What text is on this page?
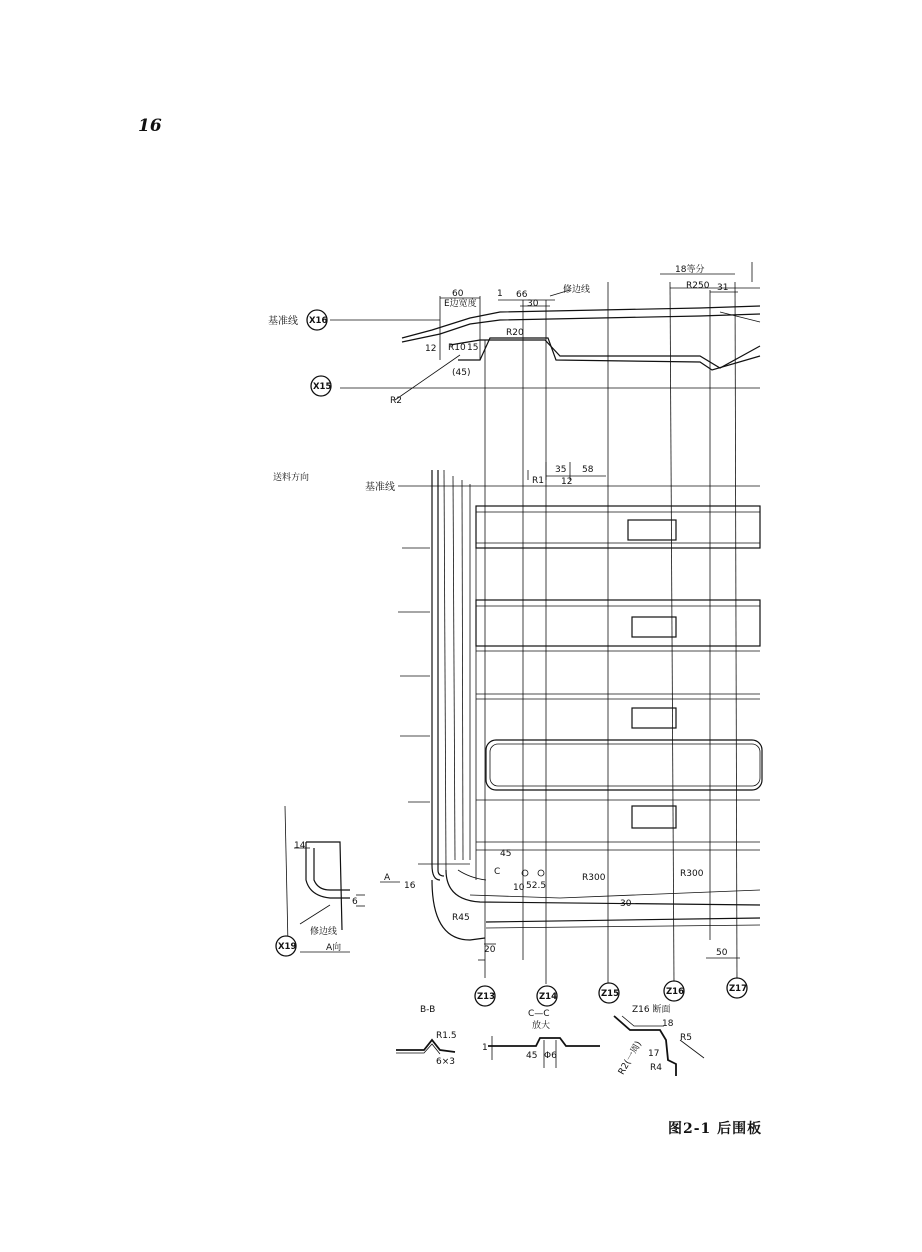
16
60
E边宽度
1 66
30
修边线
18等分
R250 31
12 R10
(45)
R20
R2
15
基准线
送料方向
基准线
R1
35 58
12
45
C
10 52.5
R300	R300
30
R45
20	50
14
A
16
修边线
A向
6
X16
X15
X19
Z13	Z14	Z15	Z16	Z17
B-B
R1.5
6×3
C—C
放大
1
45 Φ6
Z16 断面
18
17
R2(一周) R4
R5
图2-1 后围板
